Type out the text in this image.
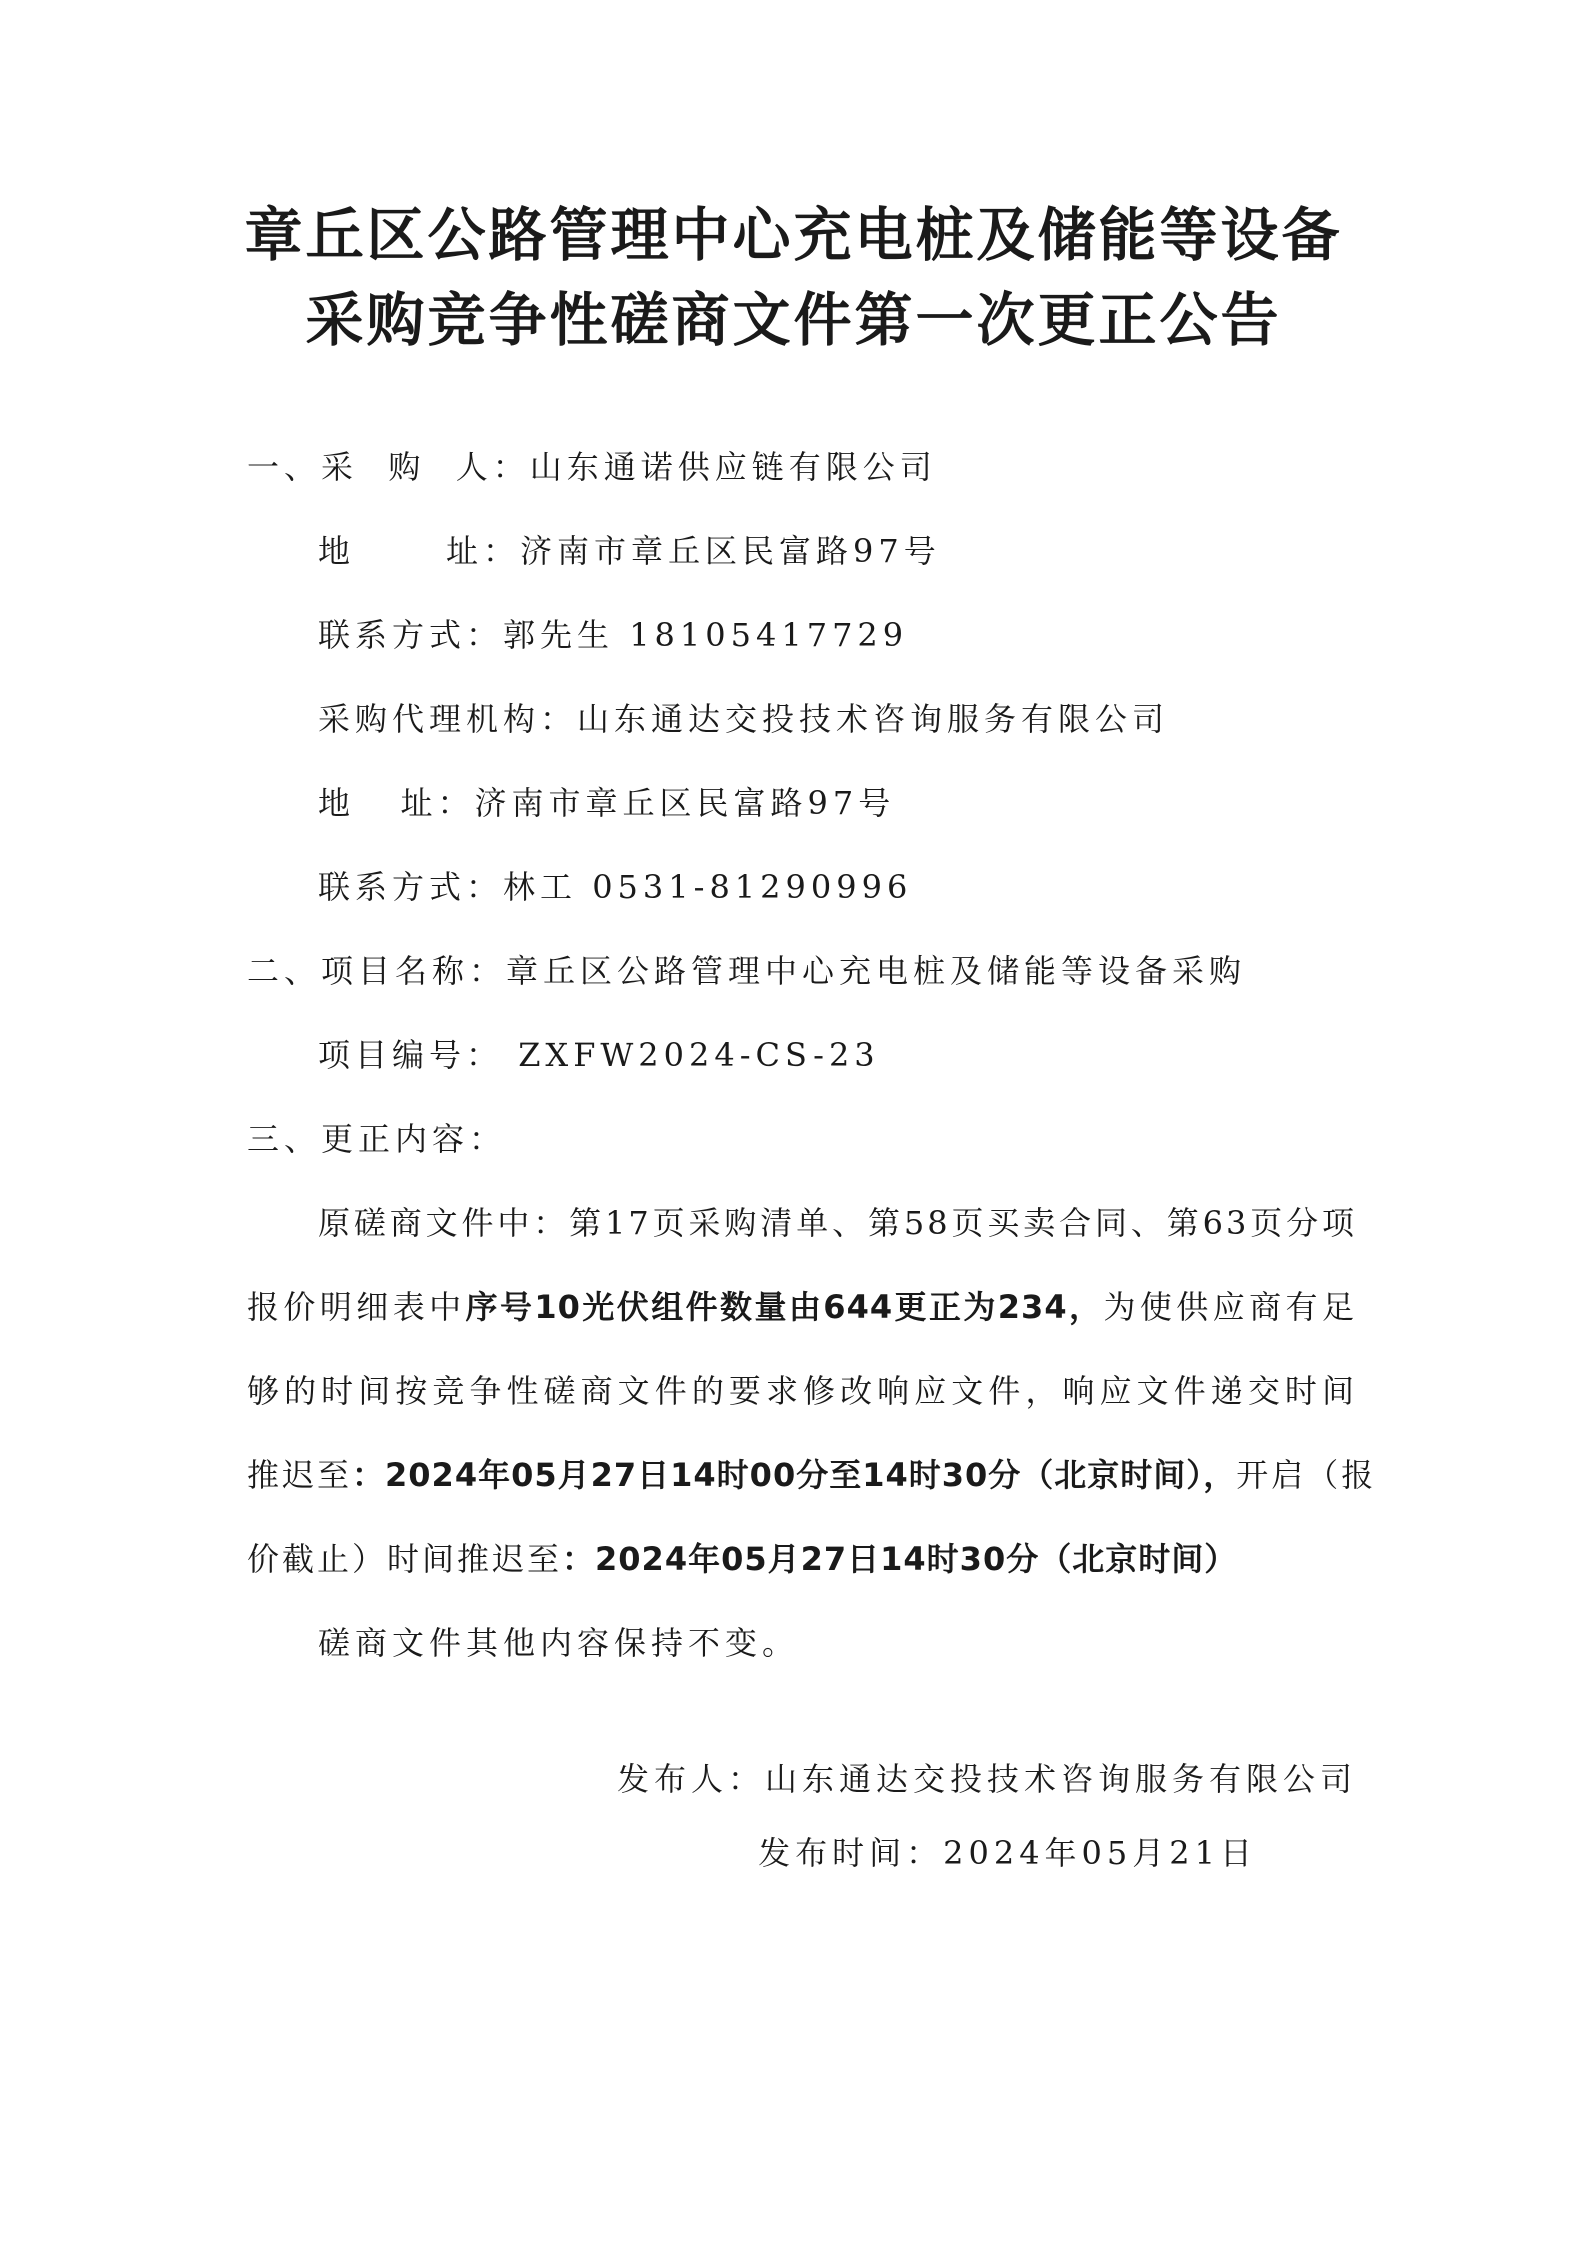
章丘区公路管理中心充电桩及储能等设备
采购竞争性磋商文件第一次更正公告
一、采  购  人：山东通诺供应链有限公司
地      址：济南市章丘区民富路97号
联系方式：郭先生 18105417729
采购代理机构：山东通达交投技术咨询服务有限公司
地   址：济南市章丘区民富路97号
联系方式：林工 0531-81290996
二、项目名称：章丘区公路管理中心充电桩及储能等设备采购
项目编号： ZXFW2024-CS-23
三、更正内容：
原磋商文件中：第17页采购清单、第58页买卖合同、第63页分项
报价明细表中序号10光伏组件数量由644更正为234，为使供应商有足
够的时间按竞争性磋商文件的要求修改响应文件，响应文件递交时间
推迟至：2024年05月27日14时00分至14时30分（北京时间），开启（报
价截止）时间推迟至：2024年05月27日14时30分（北京时间）
磋商文件其他内容保持不变。
发布人：山东通达交投技术咨询服务有限公司
发布时间：2024年05月21日
